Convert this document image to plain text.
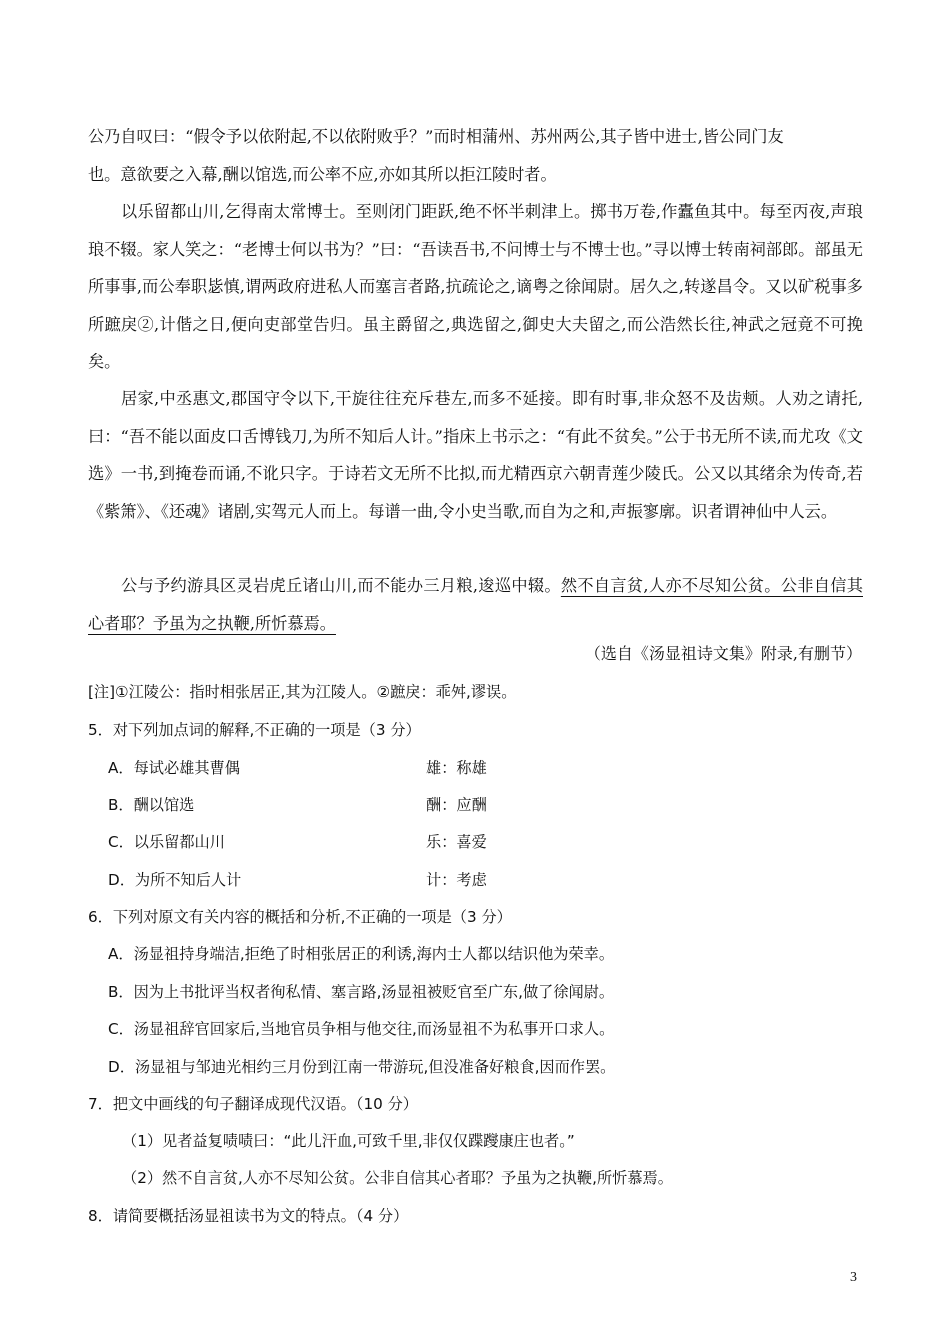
公乃自叹曰：“假令予以依附起,不以依附败乎？”而时相蒲州、苏州两公,其子皆中进士,皆公同门友
也。意欲要之入幕,酬以馆选,而公率不应,亦如其所以拒江陵时者。

以乐留都山川,乞得南太常博士。至则闭门距跃,绝不怀半刺津上。掷书万卷,作蠹鱼其中。每至丙夜,声琅琅不辍。家人笑之：“老博士何以书为？”曰：“吾读吾书,不问博士与不博士也。”寻以博士转南祠部郎。部虽无所事事,而公奉职毖慎,谓两政府进私人而塞言者路,抗疏论之,谪粤之徐闻尉。居久之,转遂昌令。又以矿税事多所蹠戾②,计偕之日,便向吏部堂告归。虽主爵留之,典选留之,御史大夫留之,而公浩然长往,神武之冠竟不可挽矣。

居家,中丞惠文,郡国守令以下,干旋往往充斥巷左,而多不延接。即有时事,非众怒不及齿颊。人劝之请托,曰：“吾不能以面皮口舌博钱刀,为所不知后人计。”指床上书示之：“有此不贫矣。”公于书无所不读,而尤攻《文选》一书,到掩卷而诵,不讹只字。于诗若文无所不比拟,而尤精西京六朝青莲少陵氏。公又以其绪余为传奇,若《紫箫》、《还魂》诸剧,实驾元人而上。每谱一曲,令小史当歌,而自为之和,声振寥廓。识者谓神仙中人云。

公与予约游具区灵岩虎丘诸山川,而不能办三月粮,逡巡中辍。然不自言贫,人亦不尽知公贫。公非自信其心者耶？予虽为之执鞭,所忻慕焉。

（选自《汤显祖诗文集》附录,有删节）
[注]①江陵公：指时相张居正,其为江陵人。②蹠戾：乖舛,谬误。
5．对下列加点词的解释,不正确的一项是（3 分）
A．每试必雄其曹偶	雄：称雄
B．酬以馆选	酬：应酬
C．以乐留都山川	乐：喜爱
D．为所不知后人计	计：考虑
6．下列对原文有关内容的概括和分析,不正确的一项是（3 分）
A．汤显祖持身端洁,拒绝了时相张居正的利诱,海内士人都以结识他为荣幸。
B．因为上书批评当权者徇私情、塞言路,汤显祖被贬官至广东,做了徐闻尉。
C．汤显祖辞官回家后,当地官员争相与他交往,而汤显祖不为私事开口求人。
D．汤显祖与邹迪光相约三月份到江南一带游玩,但没准备好粮食,因而作罢。
7．把文中画线的句子翻译成现代汉语。（10 分）
（1）见者益复啧啧曰：“此儿汗血,可致千里,非仅仅蹀躞康庄也者。”
（2）然不自言贫,人亦不尽知公贫。公非自信其心者耶？予虽为之执鞭,所忻慕焉。
8．请简要概括汤显祖读书为文的特点。（4 分）
3
